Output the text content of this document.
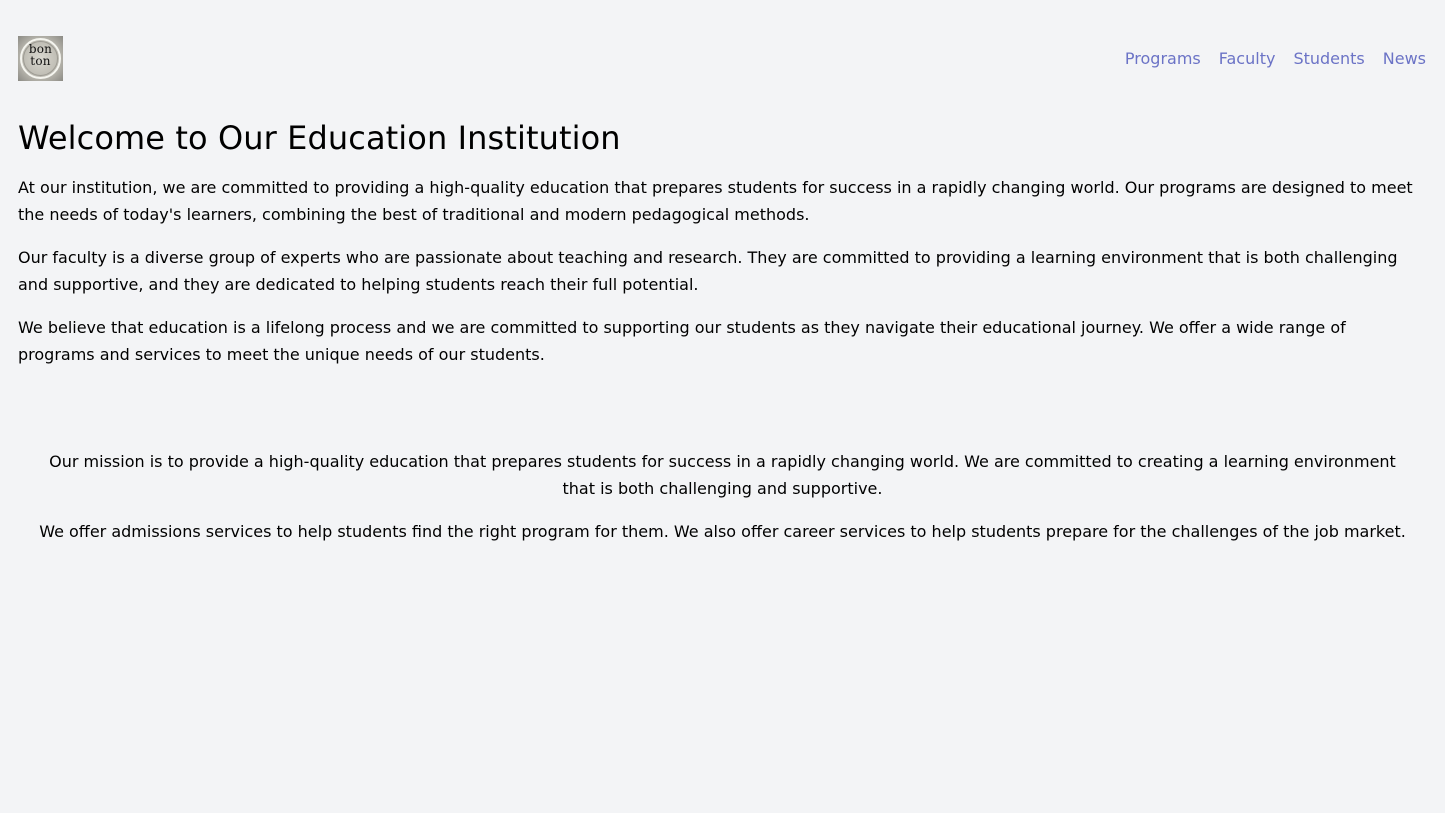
bon
ton	Programs Faculty Students News
Welcome to Our Education Institution

At our institution, we are committed to providing a high-quality education that prepares students for success in a rapidly changing world. Our programs are designed to meet the needs of today's learners, combining the best of traditional and modern pedagogical methods.

Our faculty is a diverse group of experts who are passionate about teaching and research. They are committed to providing a learning environment that is both challenging and supportive, and they are dedicated to helping students reach their full potential.

We believe that education is a lifelong process and we are committed to supporting our students as they navigate their educational journey. We offer a wide range of programs and services to meet the unique needs of our students.

Our mission is to provide a high-quality education that prepares students for success in a rapidly changing world. We are committed to creating a learning environment that is both challenging and supportive.

We offer admissions services to help students find the right program for them. We also offer career services to help students prepare for the challenges of the job market.
